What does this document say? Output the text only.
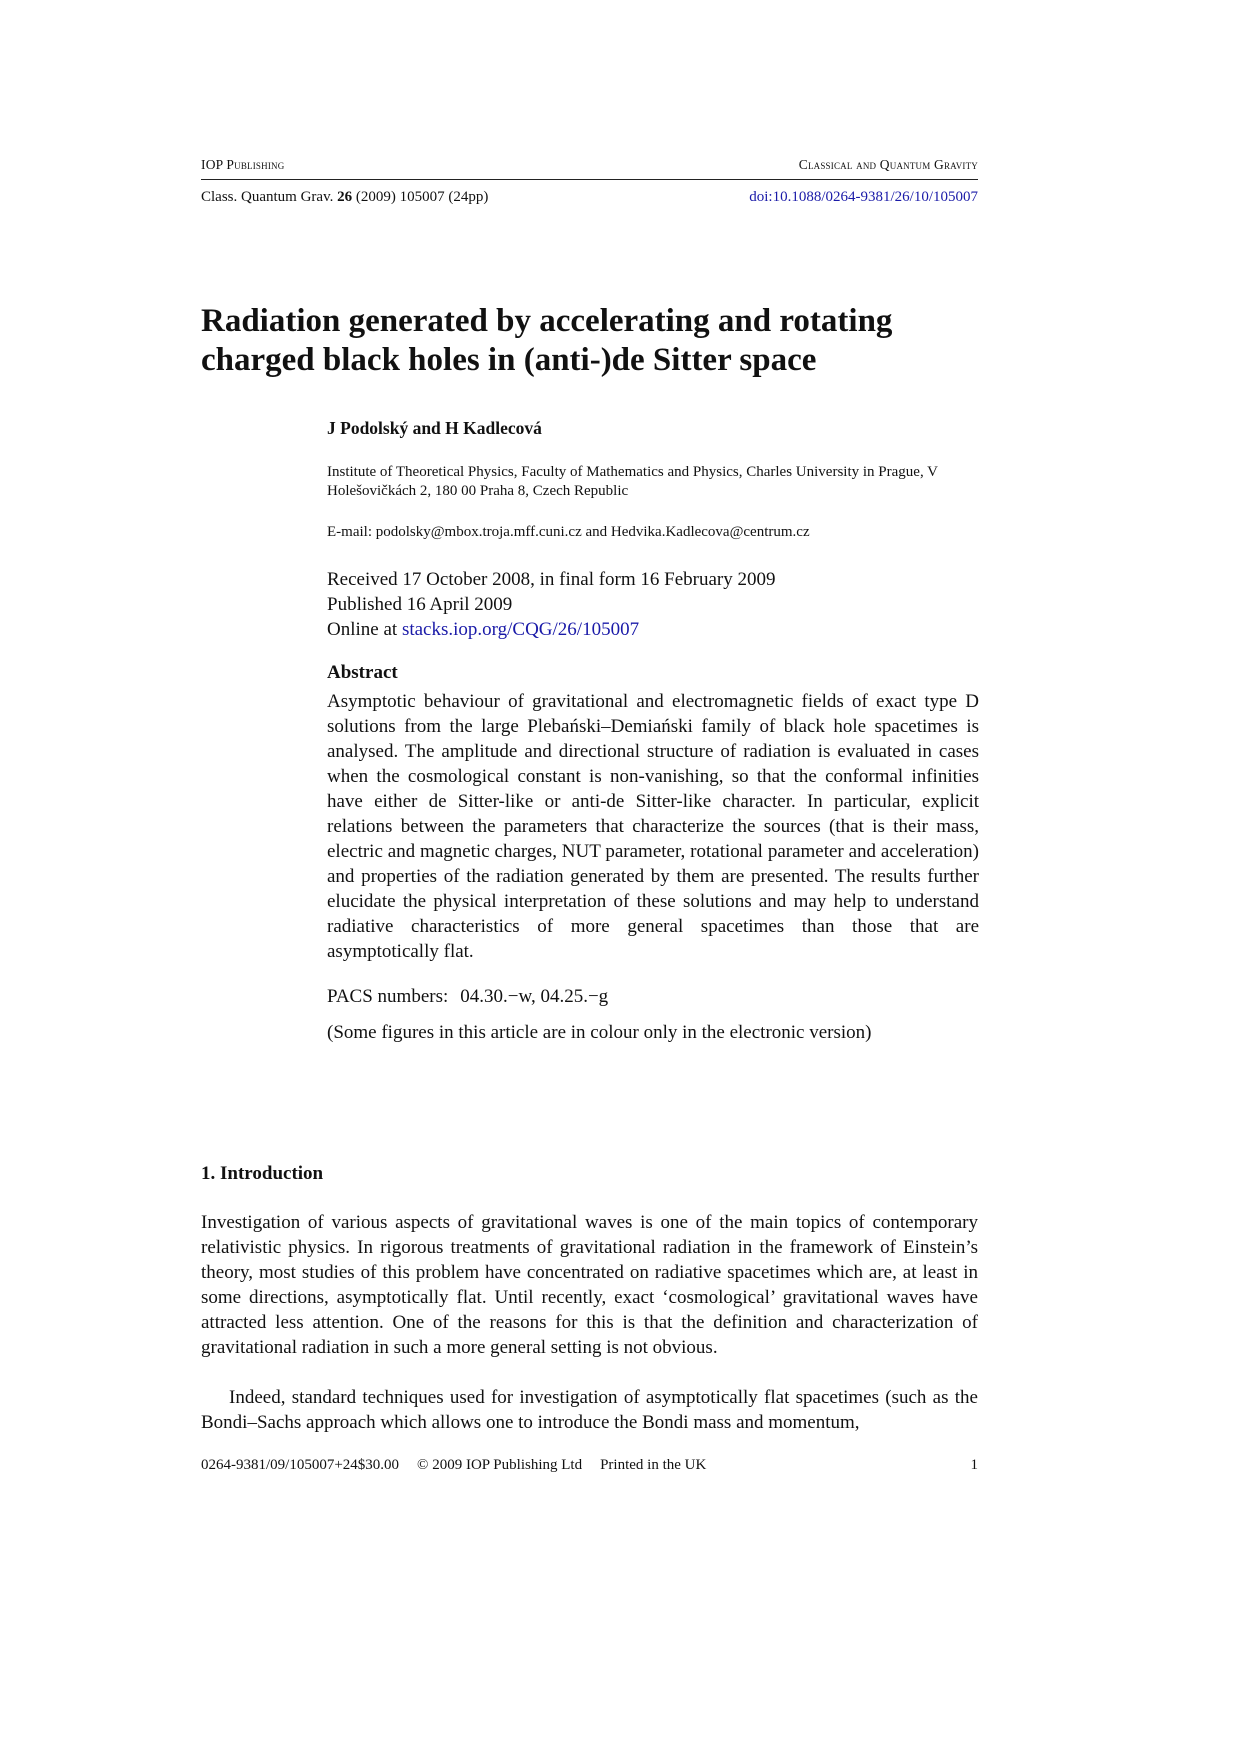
IOP Publishing	Classical and Quantum Gravity
Class. Quantum Grav. 26 (2009) 105007 (24pp)	doi:10.1088/0264-9381/26/10/105007
Radiation generated by accelerating and rotating charged black holes in (anti-)de Sitter space
J Podolský and H Kadlecová
Institute of Theoretical Physics, Faculty of Mathematics and Physics, Charles University in Prague, V Holešovičkách 2, 180 00 Praha 8, Czech Republic
E-mail: podolsky@mbox.troja.mff.cuni.cz and Hedvika.Kadlecova@centrum.cz
Received 17 October 2008, in final form 16 February 2009
Published 16 April 2009
Online at stacks.iop.org/CQG/26/105007
Abstract

Asymptotic behaviour of gravitational and electromagnetic fields of exact type D solutions from the large Plebański–Demiański family of black hole spacetimes is analysed. The amplitude and directional structure of radiation is evaluated in cases when the cosmological constant is non-vanishing, so that the conformal infinities have either de Sitter-like or anti-de Sitter-like character. In particular, explicit relations between the parameters that characterize the sources (that is their mass, electric and magnetic charges, NUT parameter, rotational parameter and acceleration) and properties of the radiation generated by them are presented. The results further elucidate the physical interpretation of these solutions and may help to understand radiative characteristics of more general spacetimes than those that are asymptotically flat.

PACS numbers: 04.30.−w, 04.25.−g
(Some figures in this article are in colour only in the electronic version)
1. Introduction

Investigation of various aspects of gravitational waves is one of the main topics of contemporary relativistic physics. In rigorous treatments of gravitational radiation in the framework of Einstein’s theory, most studies of this problem have concentrated on radiative spacetimes which are, at least in some directions, asymptotically flat. Until recently, exact ‘cosmological’ gravitational waves have attracted less attention. One of the reasons for this is that the definition and characterization of gravitational radiation in such a more general setting is not obvious.

Indeed, standard techniques used for investigation of asymptotically flat spacetimes (such as the Bondi–Sachs approach which allows one to introduce the Bondi mass and momentum,

0264-9381/09/105007+24$30.00 © 2009 IOP Publishing Ltd Printed in the UK	1
